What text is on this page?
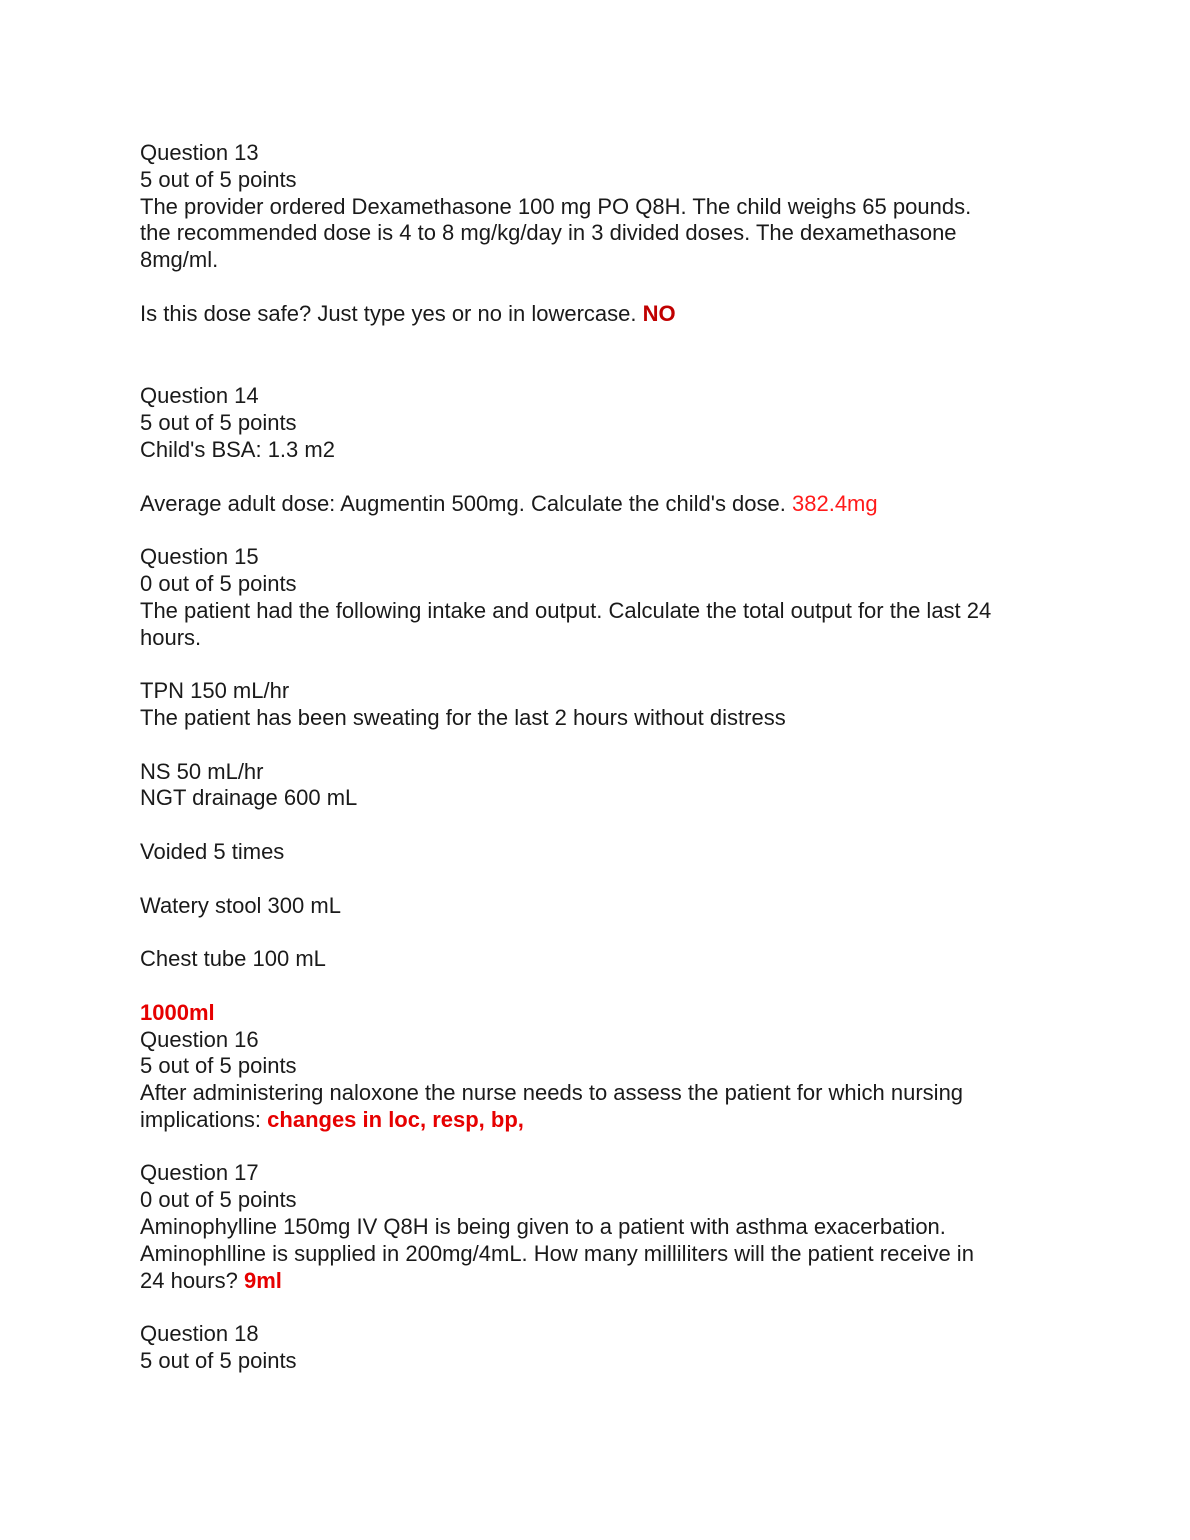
Question 13
5 out of 5 points
The provider ordered Dexamethasone 100 mg PO Q8H. The child weighs 65 pounds.
the recommended dose is 4 to 8 mg/kg/day in 3 divided doses. The dexamethasone
8mg/ml.
Is this dose safe? Just type yes or no in lowercase. NO
Question 14
5 out of 5 points
Child's BSA: 1.3 m2
Average adult dose: Augmentin 500mg. Calculate the child's dose. 382.4mg
Question 15
0 out of 5 points
The patient had the following intake and output. Calculate the total output for the last 24
hours.
TPN 150 mL/hr
The patient has been sweating for the last 2 hours without distress
NS 50 mL/hr
NGT drainage 600 mL
Voided 5 times
Watery stool 300 mL
Chest tube 100 mL
1000ml
Question 16
5 out of 5 points
After administering naloxone the nurse needs to assess the patient for which nursing
implications: changes in loc, resp, bp,
Question 17
0 out of 5 points
Aminophylline 150mg IV Q8H is being given to a patient with asthma exacerbation.
Aminophlline is supplied in 200mg/4mL. How many milliliters will the patient receive in
24 hours? 9ml
Question 18
5 out of 5 points
